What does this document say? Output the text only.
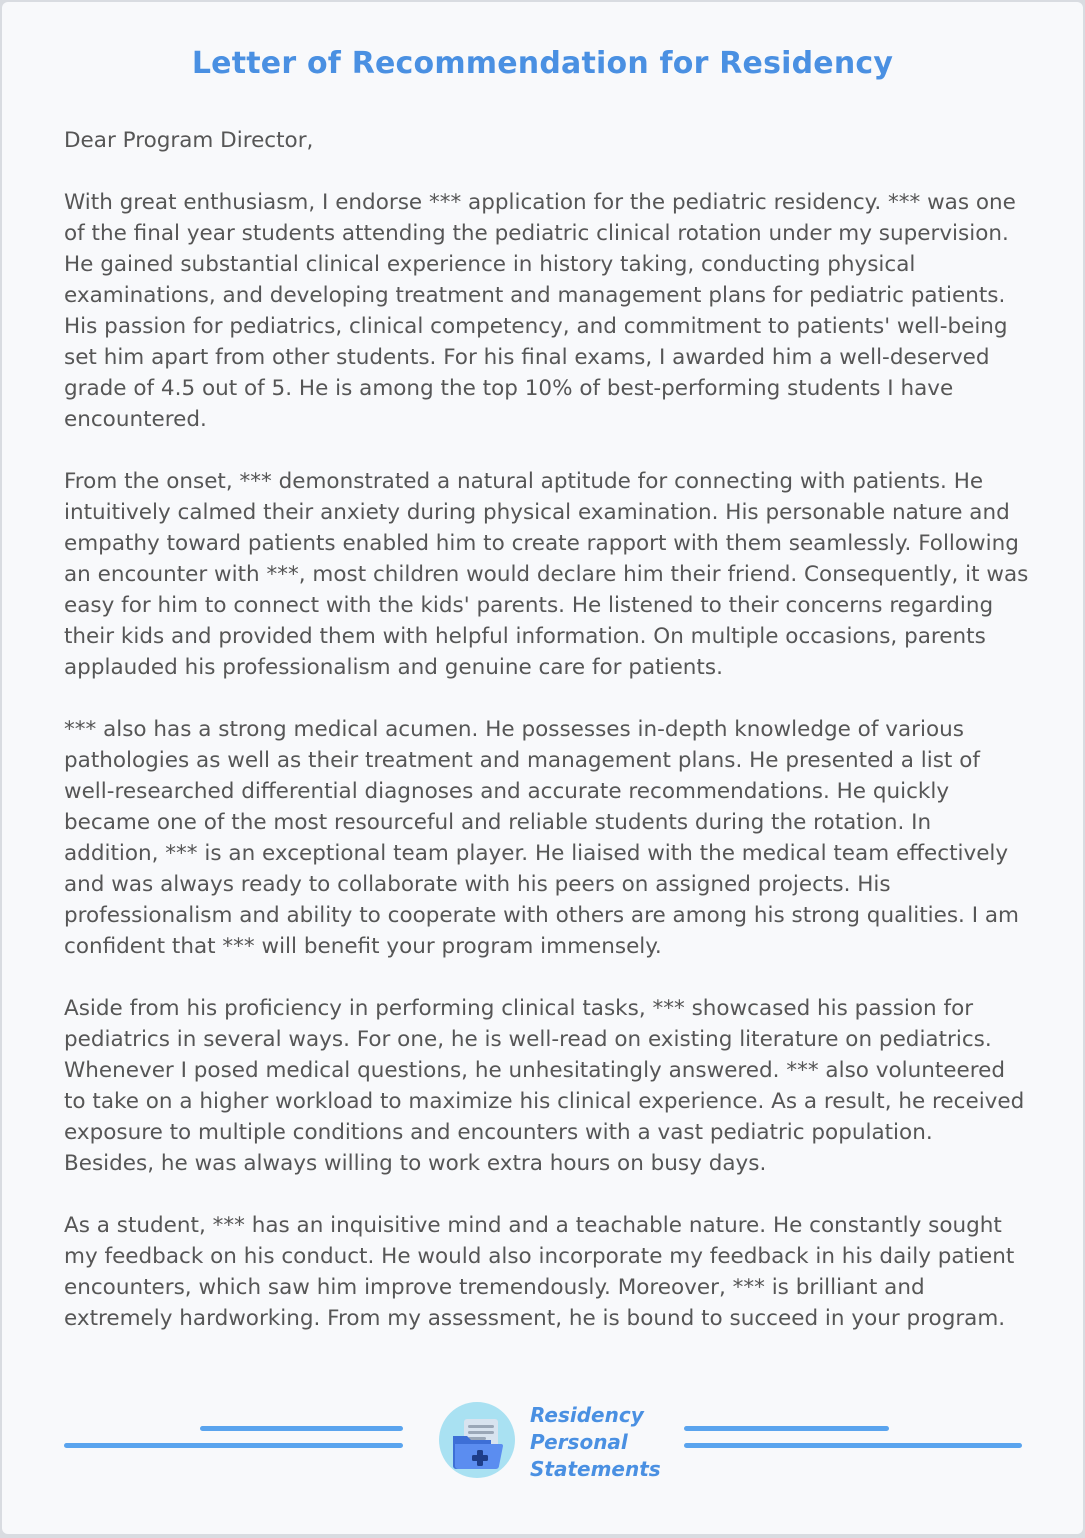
Letter of Recommendation for Residency

Dear Program Director,

With great enthusiasm, I endorse *** application for the pediatric residency. *** was one of the final year students attending the pediatric clinical rotation under my supervision. He gained substantial clinical experience in history taking, conducting physical examinations, and developing treatment and management plans for pediatric patients. His passion for pediatrics, clinical competency, and commitment to patients' well-being set him apart from other students. For his final exams, I awarded him a well-deserved grade of 4.5 out of 5. He is among the top 10% of best-performing students I have encountered.

From the onset, *** demonstrated a natural aptitude for connecting with patients. He intuitively calmed their anxiety during physical examination. His personable nature and empathy toward patients enabled him to create rapport with them seamlessly. Following an encounter with ***, most children would declare him their friend. Consequently, it was easy for him to connect with the kids' parents. He listened to their concerns regarding their kids and provided them with helpful information. On multiple occasions, parents applauded his professionalism and genuine care for patients.

*** also has a strong medical acumen. He possesses in-depth knowledge of various pathologies as well as their treatment and management plans. He presented a list of well-researched differential diagnoses and accurate recommendations. He quickly became one of the most resourceful and reliable students during the rotation. In addition, *** is an exceptional team player. He liaised with the medical team effectively and was always ready to collaborate with his peers on assigned projects. His professionalism and ability to cooperate with others are among his strong qualities. I am confident that *** will benefit your program immensely.

Aside from his proficiency in performing clinical tasks, *** showcased his passion for pediatrics in several ways. For one, he is well-read on existing literature on pediatrics. Whenever I posed medical questions, he unhesitatingly answered. *** also volunteered to take on a higher workload to maximize his clinical experience. As a result, he received exposure to multiple conditions and encounters with a vast pediatric population. Besides, he was always willing to work extra hours on busy days.

As a student, *** has an inquisitive mind and a teachable nature. He constantly sought my feedback on his conduct. He would also incorporate my feedback in his daily patient encounters, which saw him improve tremendously. Moreover, *** is brilliant and extremely hardworking. From my assessment, he is bound to succeed in your program.

Residency
Personal
Statements
